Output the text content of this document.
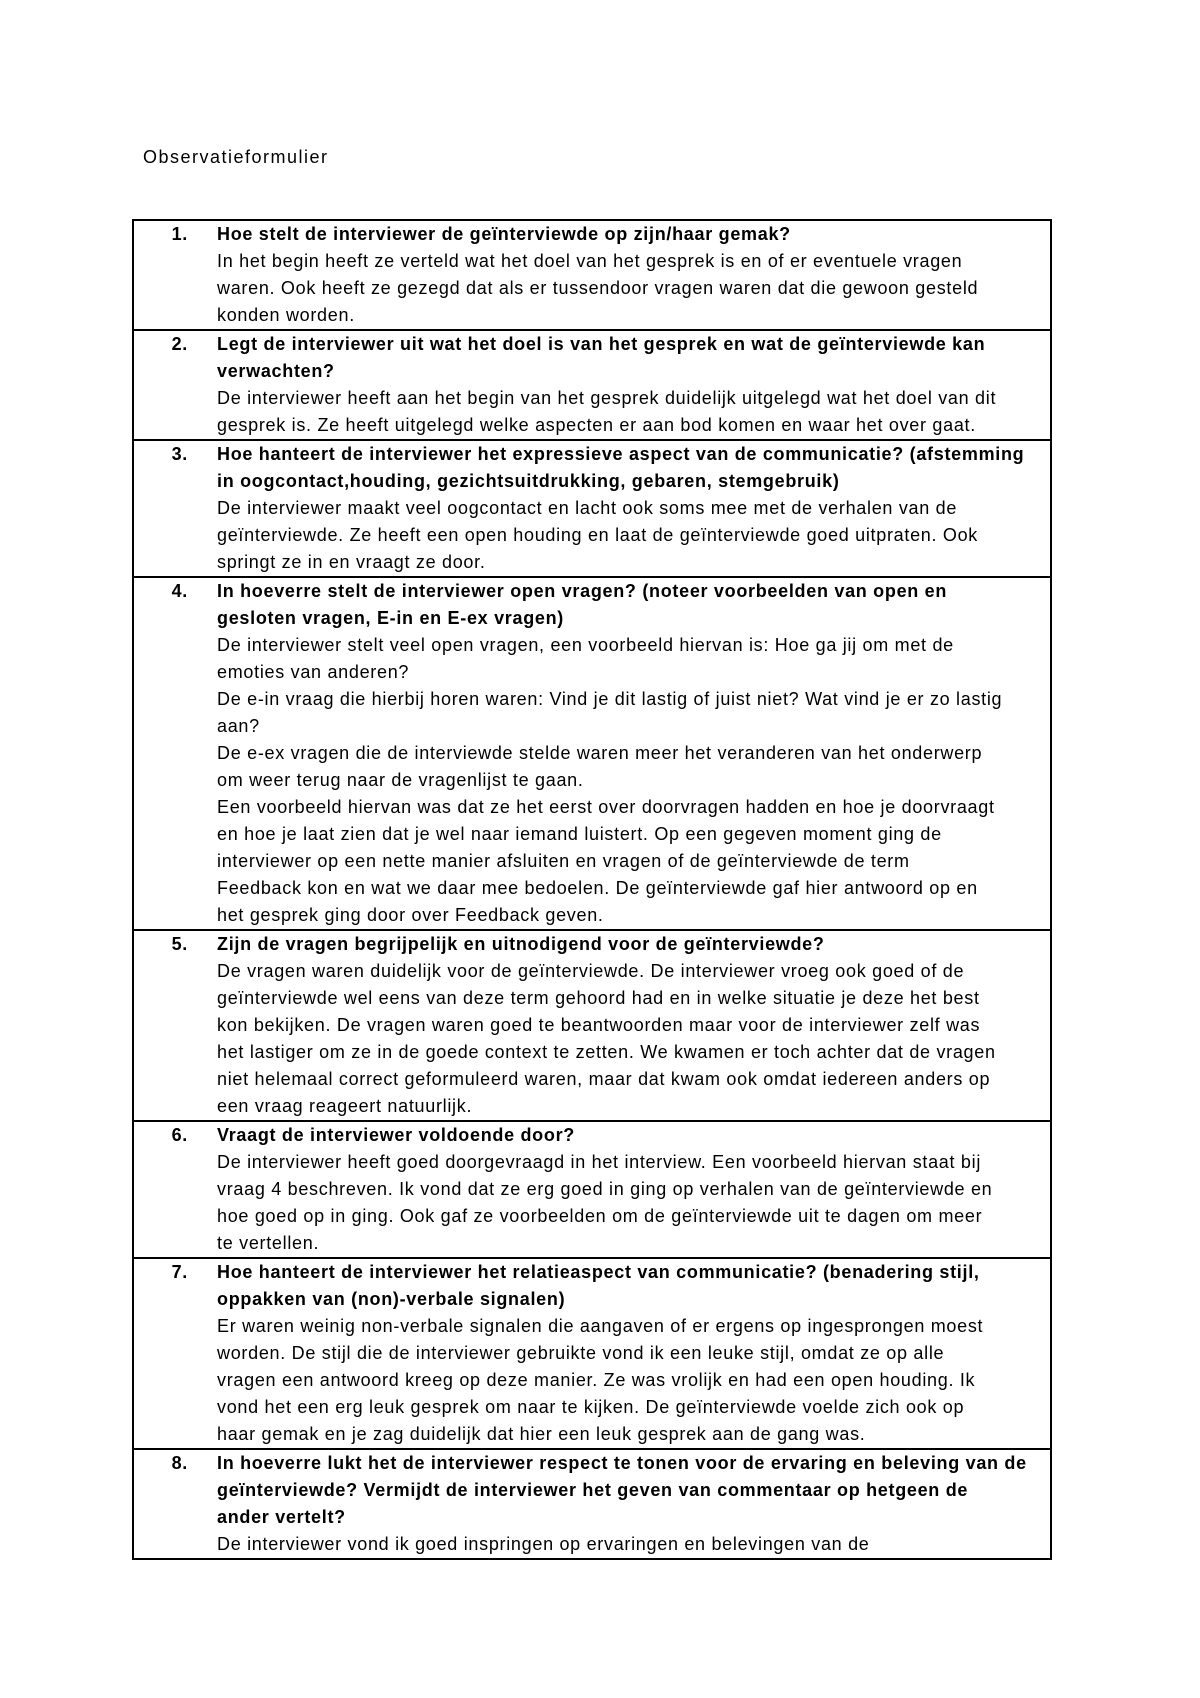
Observatieformulier
1. Hoe stelt de interviewer de geïnterviewde op zijn/haar gemak?
In het begin heeft ze verteld wat het doel van het gesprek is en of er eventuele vragen
waren. Ook heeft ze gezegd dat als er tussendoor vragen waren dat die gewoon gesteld
konden worden.
2. Legt de interviewer uit wat het doel is van het gesprek en wat de geïnterviewde kan
verwachten?
De interviewer heeft aan het begin van het gesprek duidelijk uitgelegd wat het doel van dit
gesprek is. Ze heeft uitgelegd welke aspecten er aan bod komen en waar het over gaat.
3. Hoe hanteert de interviewer het expressieve aspect van de communicatie? (afstemming
in oogcontact,houding, gezichtsuitdrukking, gebaren, stemgebruik)
De interviewer maakt veel oogcontact en lacht ook soms mee met de verhalen van de
geïnterviewde. Ze heeft een open houding en laat de geïnterviewde goed uitpraten. Ook
springt ze in en vraagt ze door.
4. In hoeverre stelt de interviewer open vragen? (noteer voorbeelden van open en
gesloten vragen, E-in en E-ex vragen)
De interviewer stelt veel open vragen, een voorbeeld hiervan is: Hoe ga jij om met de
emoties van anderen?
De e-in vraag die hierbij horen waren: Vind je dit lastig of juist niet? Wat vind je er zo lastig
aan?
De e-ex vragen die de interviewde stelde waren meer het veranderen van het onderwerp
om weer terug naar de vragenlijst te gaan.
Een voorbeeld hiervan was dat ze het eerst over doorvragen hadden en hoe je doorvraagt
en hoe je laat zien dat je wel naar iemand luistert. Op een gegeven moment ging de
interviewer op een nette manier afsluiten en vragen of de geïnterviewde de term
Feedback kon en wat we daar mee bedoelen. De geïnterviewde gaf hier antwoord op en
het gesprek ging door over Feedback geven.
5. Zijn de vragen begrijpelijk en uitnodigend voor de geïnterviewde?
De vragen waren duidelijk voor de geïnterviewde. De interviewer vroeg ook goed of de
geïnterviewde wel eens van deze term gehoord had en in welke situatie je deze het best
kon bekijken. De vragen waren goed te beantwoorden maar voor de interviewer zelf was
het lastiger om ze in de goede context te zetten. We kwamen er toch achter dat de vragen
niet helemaal correct geformuleerd waren, maar dat kwam ook omdat iedereen anders op
een vraag reageert natuurlijk.
6. Vraagt de interviewer voldoende door?
De interviewer heeft goed doorgevraagd in het interview. Een voorbeeld hiervan staat bij
vraag 4 beschreven. Ik vond dat ze erg goed in ging op verhalen van de geïnterviewde en
hoe goed op in ging. Ook gaf ze voorbeelden om de geïnterviewde uit te dagen om meer
te vertellen.
7. Hoe hanteert de interviewer het relatieaspect van communicatie? (benadering stijl,
oppakken van (non)-verbale signalen)
Er waren weinig non-verbale signalen die aangaven of er ergens op ingesprongen moest
worden. De stijl die de interviewer gebruikte vond ik een leuke stijl, omdat ze op alle
vragen een antwoord kreeg op deze manier. Ze was vrolijk en had een open houding. Ik
vond het een erg leuk gesprek om naar te kijken. De geïnterviewde voelde zich ook op
haar gemak en je zag duidelijk dat hier een leuk gesprek aan de gang was.
8. In hoeverre lukt het de interviewer respect te tonen voor de ervaring en beleving van de
geïnterviewde? Vermijdt de interviewer het geven van commentaar op hetgeen de
ander vertelt?
De interviewer vond ik goed inspringen op ervaringen en belevingen van de
